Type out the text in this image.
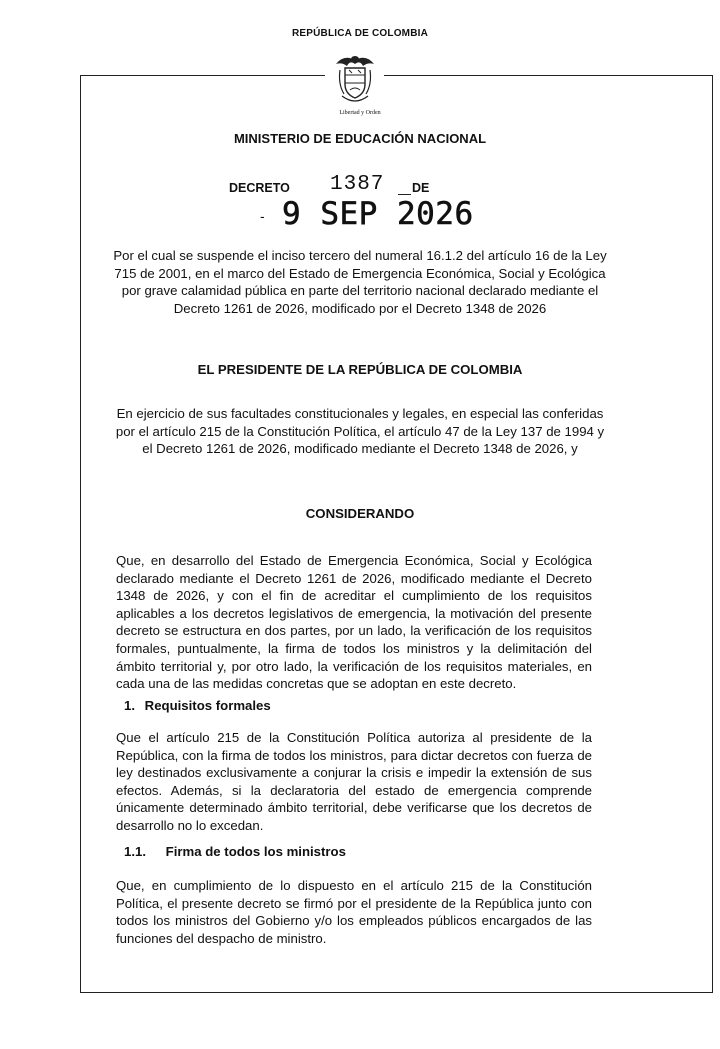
REPÚBLICA DE COLOMBIA
Libertad y Orden
MINISTERIO DE EDUCACIÓN NACIONAL
DECRETO 1387 DE
- 9 SEP 2026
Por el cual se suspende el inciso tercero del numeral 16.1.2 del artículo 16 de la Ley 715 de 2001, en el marco del Estado de Emergencia Económica, Social y Ecológica por grave calamidad pública en parte del territorio nacional declarado mediante el Decreto 1261 de 2026, modificado por el Decreto 1348 de 2026
EL PRESIDENTE DE LA REPÚBLICA DE COLOMBIA
En ejercicio de sus facultades constitucionales y legales, en especial las conferidas por el artículo 215 de la Constitución Política, el artículo 47 de la Ley 137 de 1994 y el Decreto 1261 de 2026, modificado mediante el Decreto 1348 de 2026, y
CONSIDERANDO
Que, en desarrollo del Estado de Emergencia Económica, Social y Ecológica declarado mediante el Decreto 1261 de 2026, modificado mediante el Decreto 1348 de 2026, y con el fin de acreditar el cumplimiento de los requisitos aplicables a los decretos legislativos de emergencia, la motivación del presente decreto se estructura en dos partes, por un lado, la verificación de los requisitos formales, puntualmente, la firma de todos los ministros y la delimitación del ámbito territorial y, por otro lado, la verificación de los requisitos materiales, en cada una de las medidas concretas que se adoptan en este decreto.
1. Requisitos formales
Que el artículo 215 de la Constitución Política autoriza al presidente de la República, con la firma de todos los ministros, para dictar decretos con fuerza de ley destinados exclusivamente a conjurar la crisis e impedir la extensión de sus efectos. Además, si la declaratoria del estado de emergencia comprende únicamente determinado ámbito territorial, debe verificarse que los decretos de desarrollo no lo excedan.
1.1. Firma de todos los ministros
Que, en cumplimiento de lo dispuesto en el artículo 215 de la Constitución Política, el presente decreto se firmó por el presidente de la República junto con todos los ministros del Gobierno y/o los empleados públicos encargados de las funciones del despacho de ministro.
